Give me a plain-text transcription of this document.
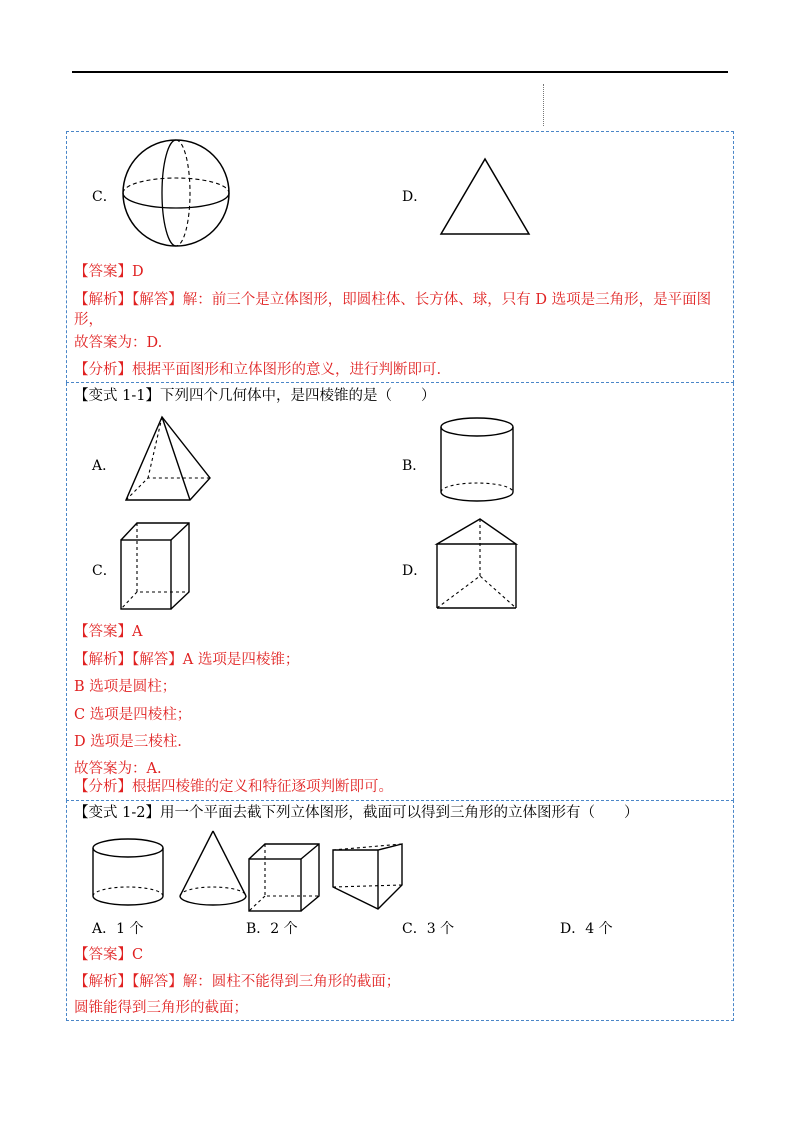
C．	D．
【答案】D
【解析】【解答】解：前三个是立体图形，即圆柱体、长方体、球，只有 D 选项是三角形，是平面图形，
故答案为：D.
【分析】根据平面图形和立体图形的意义，进行判断即可.
【变式 1-1】下列四个几何体中，是四棱锥的是（　　）
A．	B．
C．	D．
【答案】A
【解析】【解答】A 选项是四棱锥；
B 选项是圆柱；
C 选项是四棱柱；
D 选项是三棱柱.
故答案为：A.
【分析】根据四棱锥的定义和特征逐项判断即可。
【变式 1-2】用一个平面去截下列立体图形，截面可以得到三角形的立体图形有（　　）
A．1 个	B．2 个	C．3 个	D．4 个
【答案】C
【解析】【解答】解：圆柱不能得到三角形的截面；
圆锥能得到三角形的截面；
